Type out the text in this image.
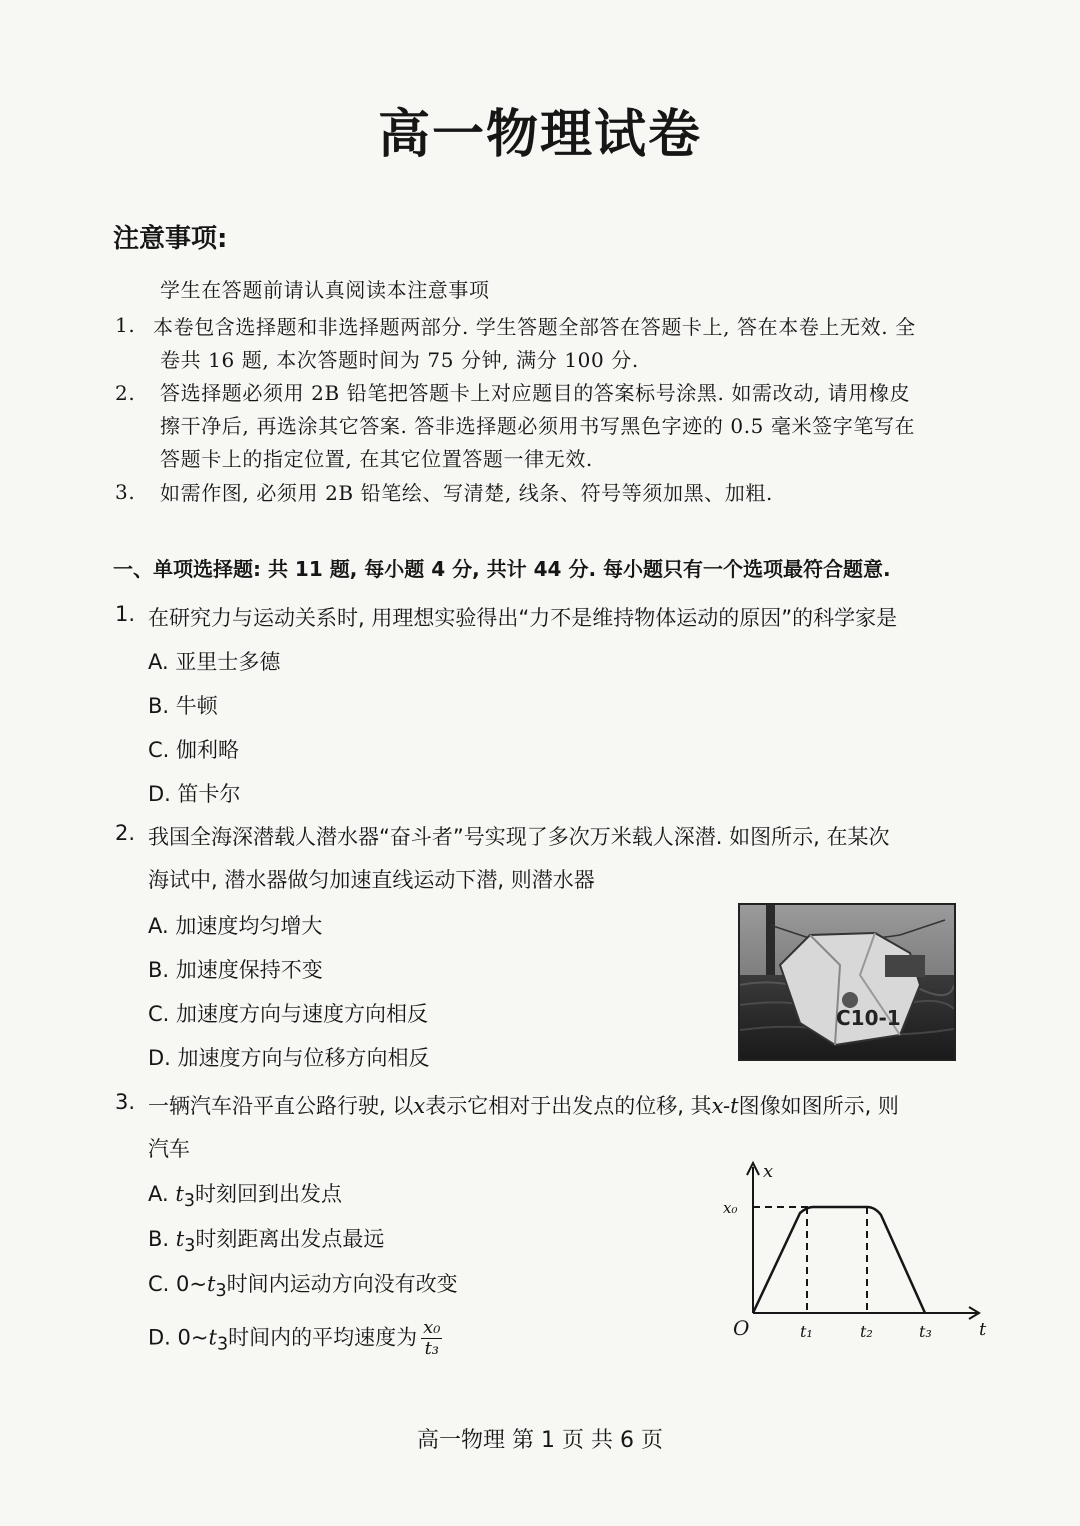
高一物理试卷
注意事项:
学生在答题前请认真阅读本注意事项
1. 本卷包含选择题和非选择题两部分. 学生答题全部答在答题卡上, 答在本卷上无效. 全
卷共 16 题, 本次答题时间为 75 分钟, 满分 100 分.
2. 答选择题必须用 2B 铅笔把答题卡上对应题目的答案标号涂黑. 如需改动, 请用橡皮
擦干净后, 再选涂其它答案. 答非选择题必须用书写黑色字迹的 0.5 毫米签字笔写在
答题卡上的指定位置, 在其它位置答题一律无效.
3. 如需作图, 必须用 2B 铅笔绘、写清楚, 线条、符号等须加黑、加粗.
一、单项选择题: 共 11 题, 每小题 4 分, 共计 44 分. 每小题只有一个选项最符合题意.
1. 在研究力与运动关系时, 用理想实验得出“力不是维持物体运动的原因”的科学家是
A. 亚里士多德
B. 牛顿
C. 伽利略
D. 笛卡尔
2. 我国全海深潜载人潜水器“奋斗者”号实现了多次万米载人深潜. 如图所示, 在某次
海试中, 潜水器做匀加速直线运动下潜, 则潜水器
A. 加速度均匀增大
B. 加速度保持不变
C. 加速度方向与速度方向相反
D. 加速度方向与位移方向相反
C10-1
3. 一辆汽车沿平直公路行驶, 以x表示它相对于出发点的位移, 其x-t图像如图所示, 则
汽车
A. $t_3$时刻回到出发点
B. $t_3$时刻距离出发点最远
C. $0\sim t_3$时间内运动方向没有改变
D. $0\sim t_3$时间内的平均速度为 $\frac{\text{x₀}}{\text{t₃}}$
x
t
O
x₀
t₁	t₂	t₃
高一物理 第 1 页 共 6 页
